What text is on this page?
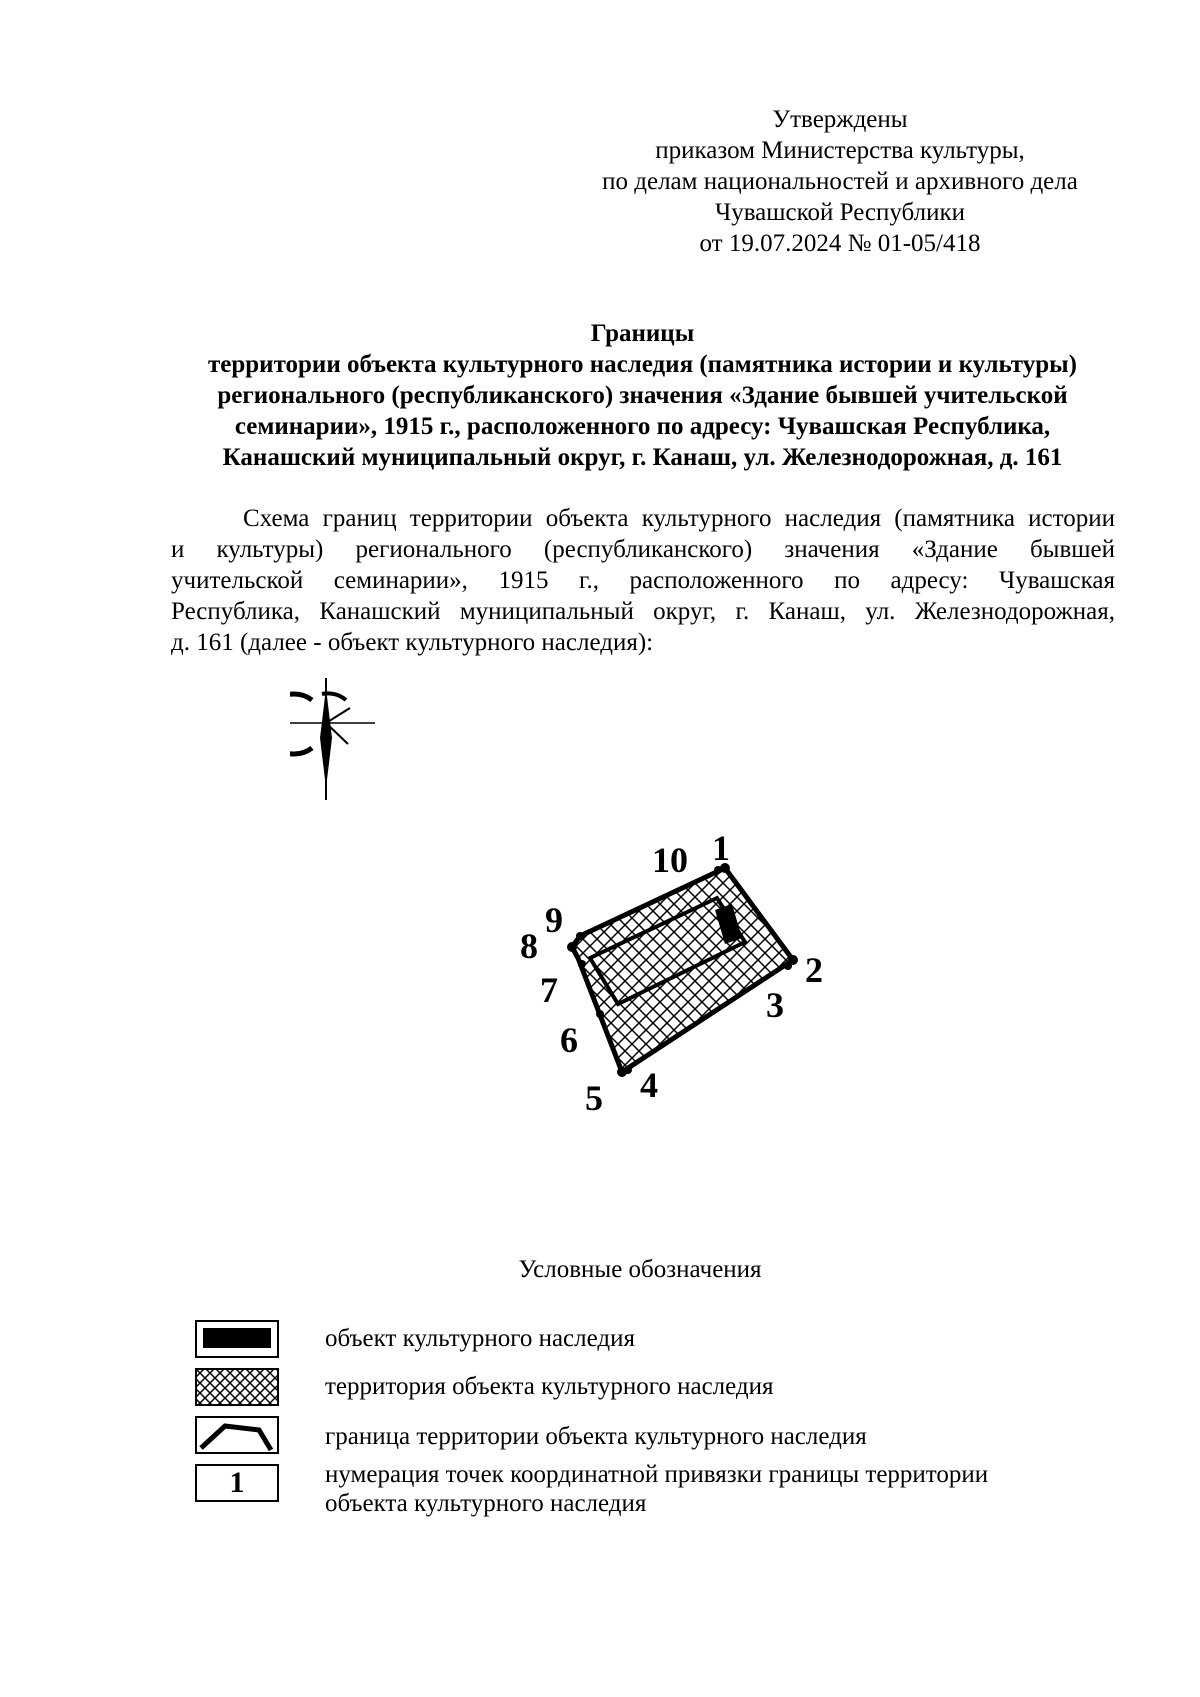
Утверждены
приказом Министерства культуры,
по делам национальностей и архивного дела
Чувашской Республики
от 19.07.2024 № 01-05/418
Границы
территории объекта культурного наследия (памятника истории и культуры)
регионального (республиканского) значения «Здание бывшей учительской
семинарии», 1915 г., расположенного по адресу: Чувашская Республика,
Канашский муниципальный округ, г. Канаш, ул. Железнодорожная, д. 161
Схема границ территории объекта культурного наследия (памятника истории
и культуры) регионального (республиканского) значения «Здание бывшей
учительской семинарии», 1915 г., расположенного по адресу: Чувашская
Республика, Канашский муниципальный округ, г. Канаш, ул. Железнодорожная,
д. 161 (далее - объект культурного наследия):
1
2
3
4
5
6
7
8
9
10
Условные обозначения
объект культурного наследия
территория объекта культурного наследия
граница территории объекта культурного наследия
1	нумерация точек координатной привязки границы территории
объекта культурного наследия
